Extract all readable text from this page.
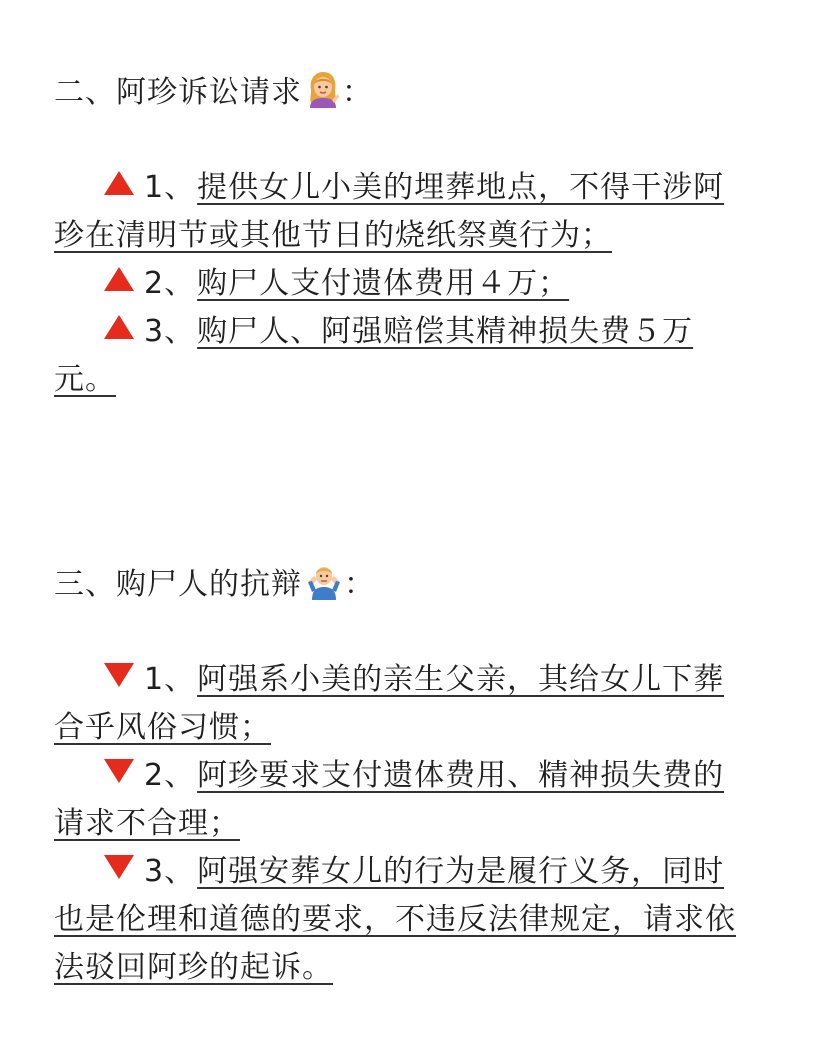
二、阿珍诉讼请求 ：

1、提供女儿小美的埋葬地点，不得干涉阿珍在清明节或其他节日的烧纸祭奠行为；

2、购尸人支付遗体费用４万；

3、购尸人、阿强赔偿其精神损失费５万元。

三、购尸人的抗辩 ：

1、阿强系小美的亲生父亲，其给女儿下葬合乎风俗习惯；

2、阿珍要求支付遗体费用、精神损失费的请求不合理；

3、阿强安葬女儿的行为是履行义务，同时也是伦理和道德的要求，不违反法律规定，请求依法驳回阿珍的起诉。
